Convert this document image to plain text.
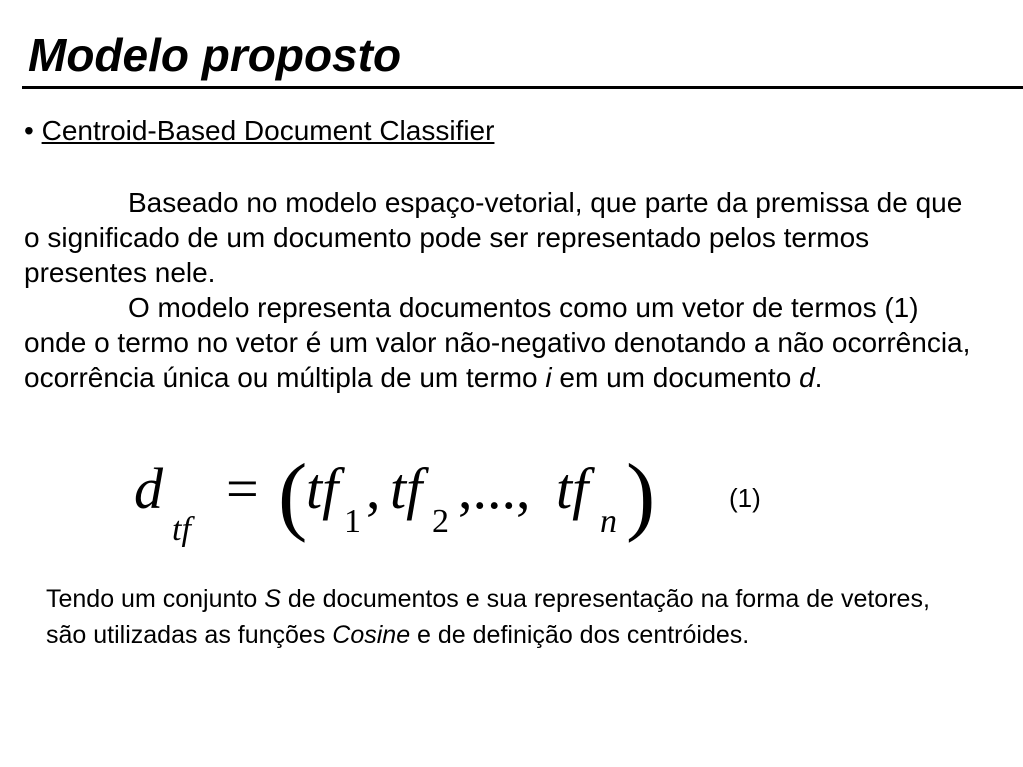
Modelo proposto
• Centroid-Based Document Classifier

Baseado no modelo espaço-vetorial, que parte da premissa de que o significado de um documento pode ser representado pelos termos presentes nele.

O modelo representa documentos como um vetor de termos (1) onde o termo no vetor é um valor não-negativo denotando a não ocorrência, ocorrência única ou múltipla de um termo i em um documento d.

d
tf
= (
tf
1
, tf
2
,..., tf
n )	(1)

Tendo um conjunto S de documentos e sua representação na forma de vetores, são utilizadas as funções Cosine e de definição dos centróides.
